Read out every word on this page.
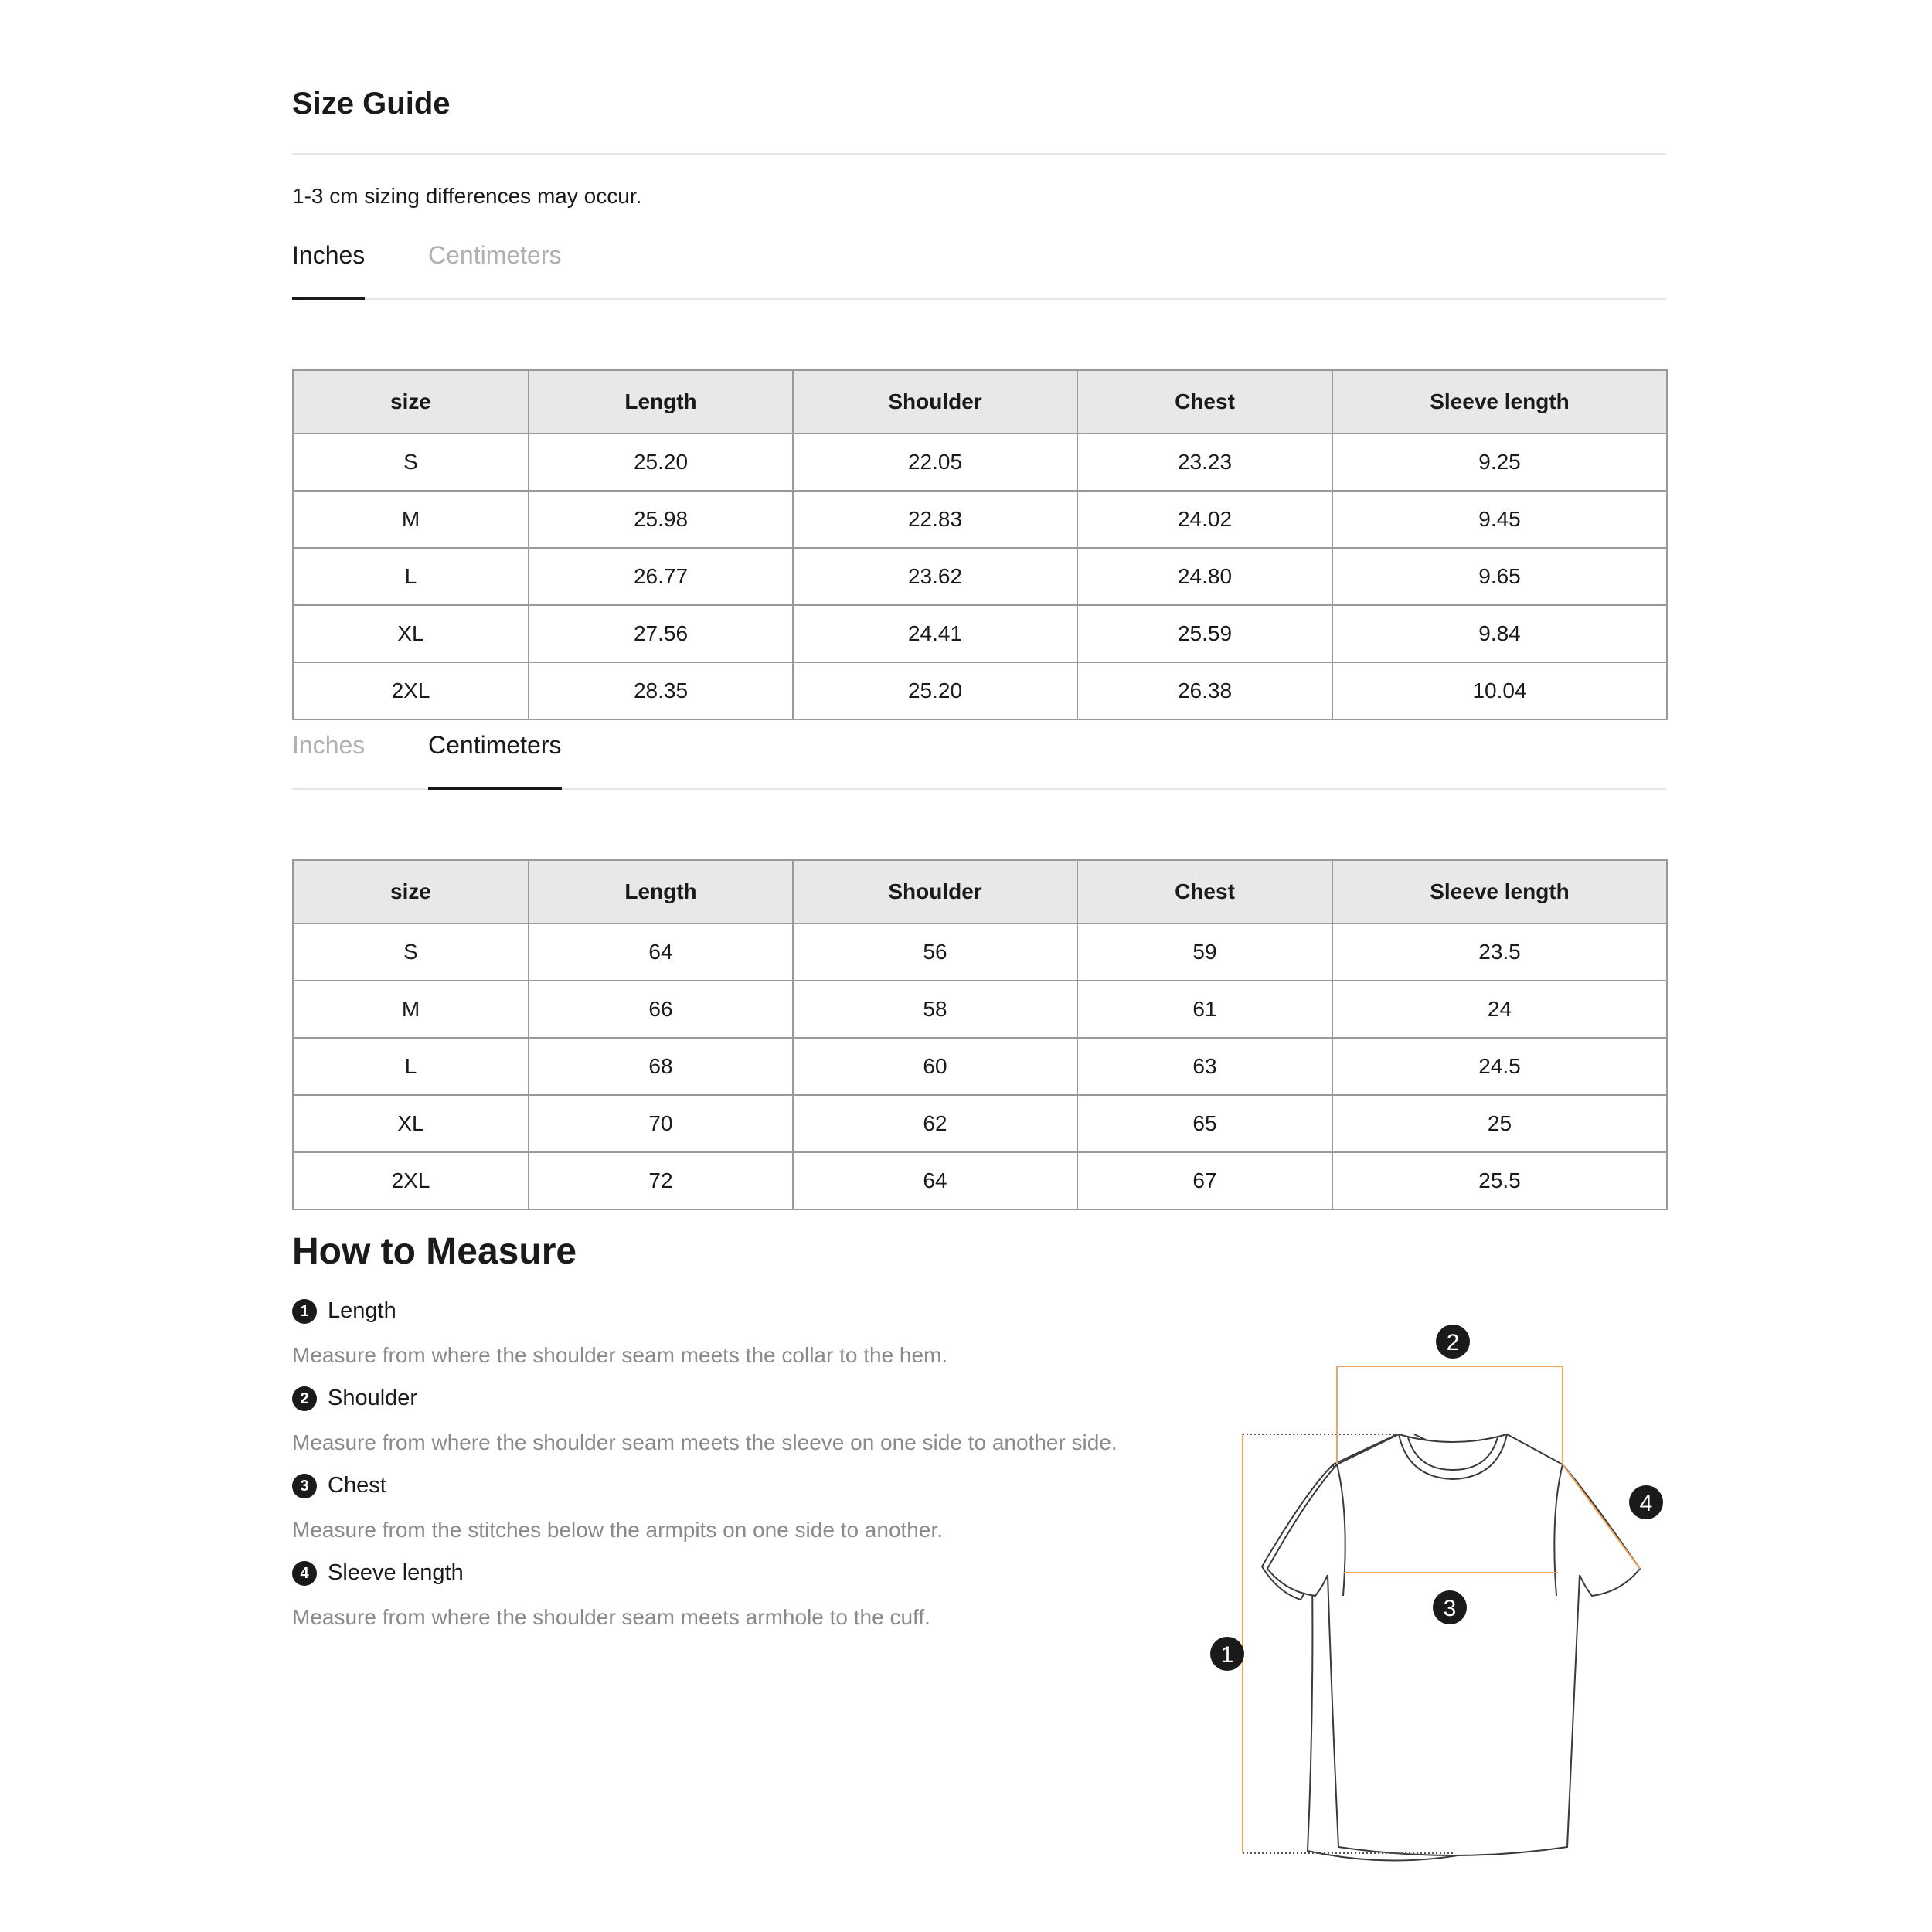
Size Guide
1-3 cm sizing differences may occur.
Inches	Centimeters
size	Length	Shoulder	Chest	Sleeve length
S	25.20	22.05	23.23	9.25
M	25.98	22.83	24.02	9.45
L	26.77	23.62	24.80	9.65
XL	27.56	24.41	25.59	9.84
2XL	28.35	25.20	26.38	10.04
Inches	Centimeters
size	Length	Shoulder	Chest	Sleeve length
S	64	56	59	23.5
M	66	58	61	24
L	68	60	63	24.5
XL	70	62	65	25
2XL	72	64	67	25.5
How to Measure
1 Length
Measure from where the shoulder seam meets the collar to the hem.
2 Shoulder
Measure from where the shoulder seam meets the sleeve on one side to another side.
3 Chest
Measure from the stitches below the armpits on one side to another.
4 Sleeve length
Measure from where the shoulder seam meets armhole to the cuff.
1
2
3
4
